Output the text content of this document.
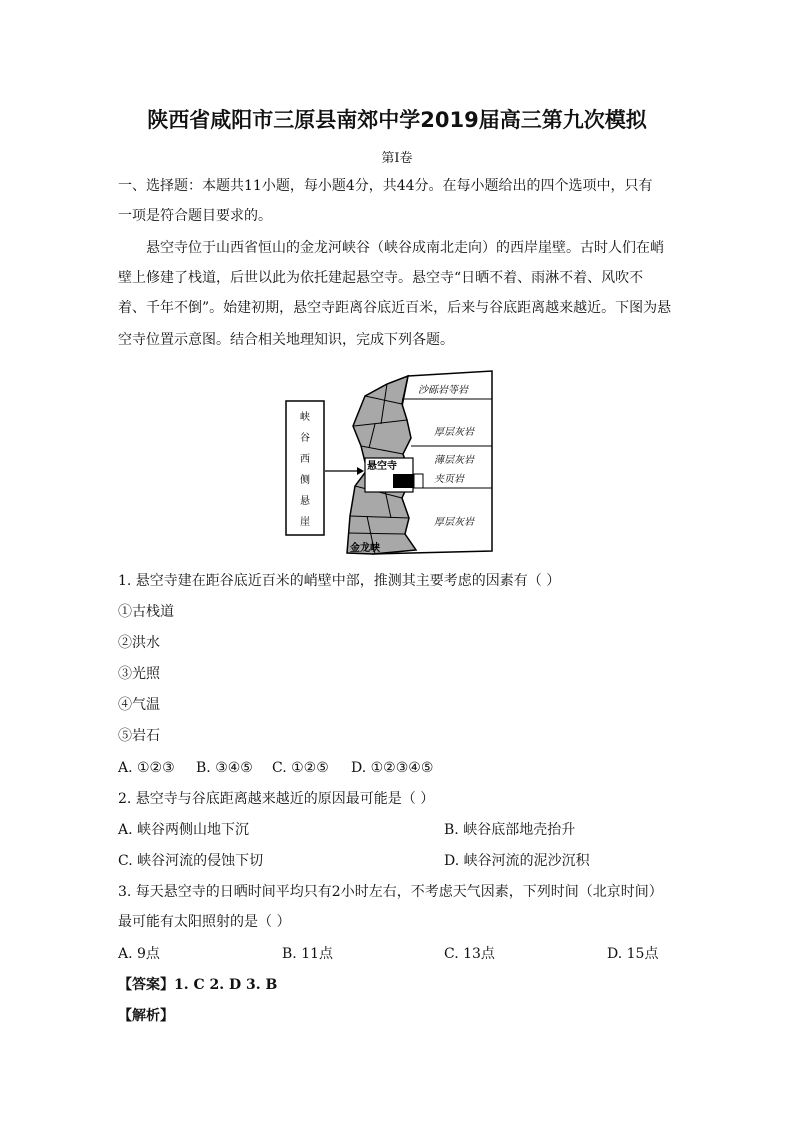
陕西省咸阳市三原县南郊中学2019届高三第九次模拟
第I卷
一、选择题：本题共11小题，每小题4分，共44分。在每小题给出的四个选项中，只有
一项是符合题目要求的。
悬空寺位于山西省恒山的金龙河峡谷（峡谷成南北走向）的西岸崖壁。古时人们在峭
壁上修建了栈道，后世以此为依托建起悬空寺。悬空寺“日晒不着、雨淋不着、风吹不
着、千年不倒”。始建初期，悬空寺距离谷底近百米，后来与谷底距离越来越近。下图为悬
空寺位置示意图。结合相关地理知识，完成下列各题。
峡
谷
西
侧
悬
崖
悬空寺
沙砾岩等岩
厚层灰岩
薄层灰岩
夹页岩
厚层灰岩
金龙峡
1. 悬空寺建在距谷底近百米的峭壁中部，推测其主要考虑的因素有（ ）
①古栈道
②洪水
③光照
④气温
⑤岩石
A. ①②③ B. ③④⑤ C. ①②⑤ D. ①②③④⑤
2. 悬空寺与谷底距离越来越近的原因最可能是（ ）
A. 峡谷两侧山地下沉	B. 峡谷底部地壳抬升
C. 峡谷河流的侵蚀下切	D. 峡谷河流的泥沙沉积
3. 每天悬空寺的日晒时间平均只有2小时左右，不考虑天气因素，下列时间（北京时间）
最可能有太阳照射的是（ ）
A. 9点	B. 11点	C. 13点	D. 15点
【答案】1. C 2. D 3. B
【解析】
